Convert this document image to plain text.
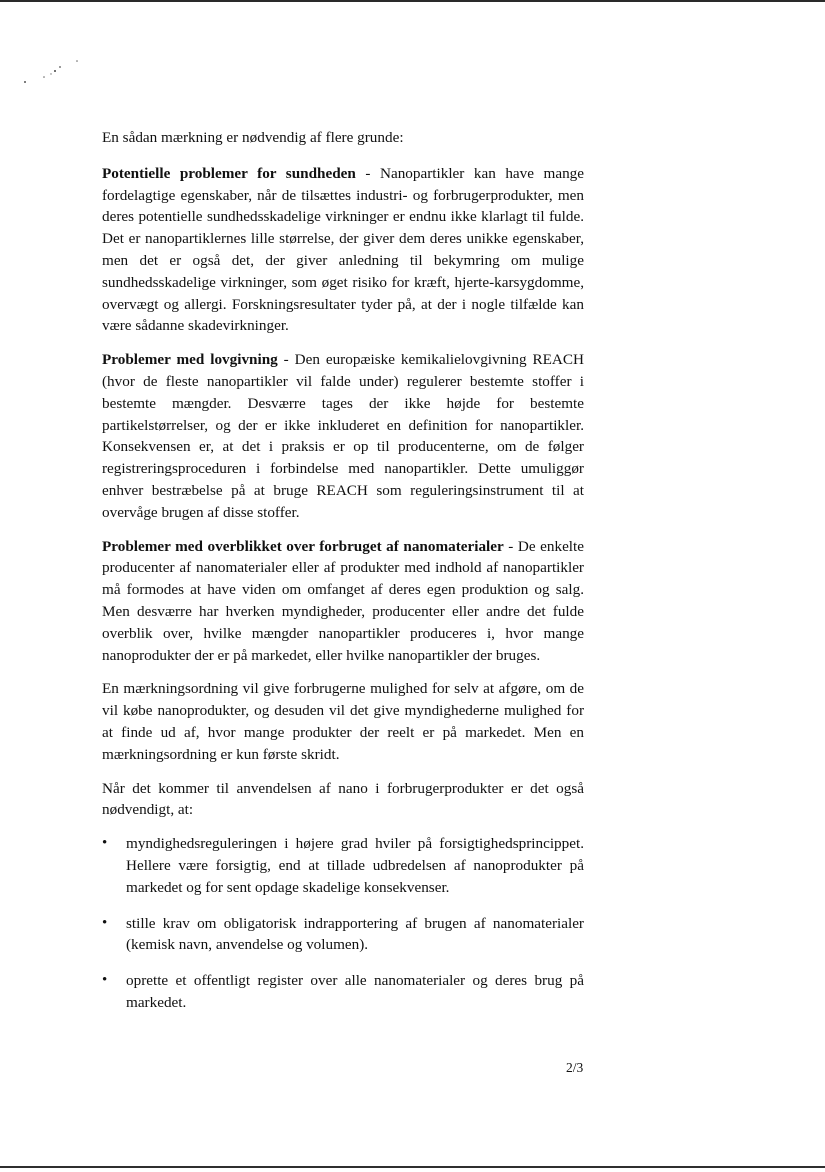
En sådan mærkning er nødvendig af flere grunde:

Potentielle problemer for sundheden - Nanopartikler kan have mange fordelagtige egenskaber, når de tilsættes industri- og forbrugerprodukter, men deres potentielle sundhedsskadelige virkninger er endnu ikke klarlagt til fulde. Det er nanopartiklernes lille størrelse, der giver dem deres unikke egenskaber, men det er også det, der giver anledning til bekymring om mulige sundhedsskadelige virkninger, som øget risiko for kræft, hjerte-karsygdomme, overvægt og allergi. Forskningsresultater tyder på, at der i nogle tilfælde kan være sådanne skadevirkninger.

Problemer med lovgivning - Den europæiske kemikalielovgivning REACH (hvor de fleste nanopartikler vil falde under) regulerer bestemte stoffer i bestemte mængder. Desværre tages der ikke højde for bestemte partikelstørrelser, og der er ikke inkluderet en definition for nanopartikler. Konsekvensen er, at det i praksis er op til producenterne, om de følger registreringsproceduren i forbindelse med nanopartikler. Dette umuliggør enhver bestræbelse på at bruge REACH som reguleringsinstrument til at overvåge brugen af disse stoffer.

Problemer med overblikket over forbruget af nanomaterialer - De enkelte producenter af nanomaterialer eller af produkter med indhold af nanopartikler må formodes at have viden om omfanget af deres egen produktion og salg. Men desværre har hverken myndigheder, producenter eller andre det fulde overblik over, hvilke mængder nanopartikler produceres i, hvor mange nanoprodukter der er på markedet, eller hvilke nanopartikler der bruges.

En mærkningsordning vil give forbrugerne mulighed for selv at afgøre, om de vil købe nanoprodukter, og desuden vil det give myndighederne mulighed for at finde ud af, hvor mange produkter der reelt er på markedet. Men en mærkningsordning er kun første skridt.

Når det kommer til anvendelsen af nano i forbrugerprodukter er det også nødvendigt, at:

• myndighedsreguleringen i højere grad hviler på forsigtighedsprincippet. Hellere være forsigtig, end at tillade udbredelsen af nanoprodukter på markedet og for sent opdage skadelige konsekvenser.
• stille krav om obligatorisk indrapportering af brugen af nanomaterialer (kemisk navn, anvendelse og volumen).
• oprette et offentligt register over alle nanomaterialer og deres brug på markedet.
2/3
